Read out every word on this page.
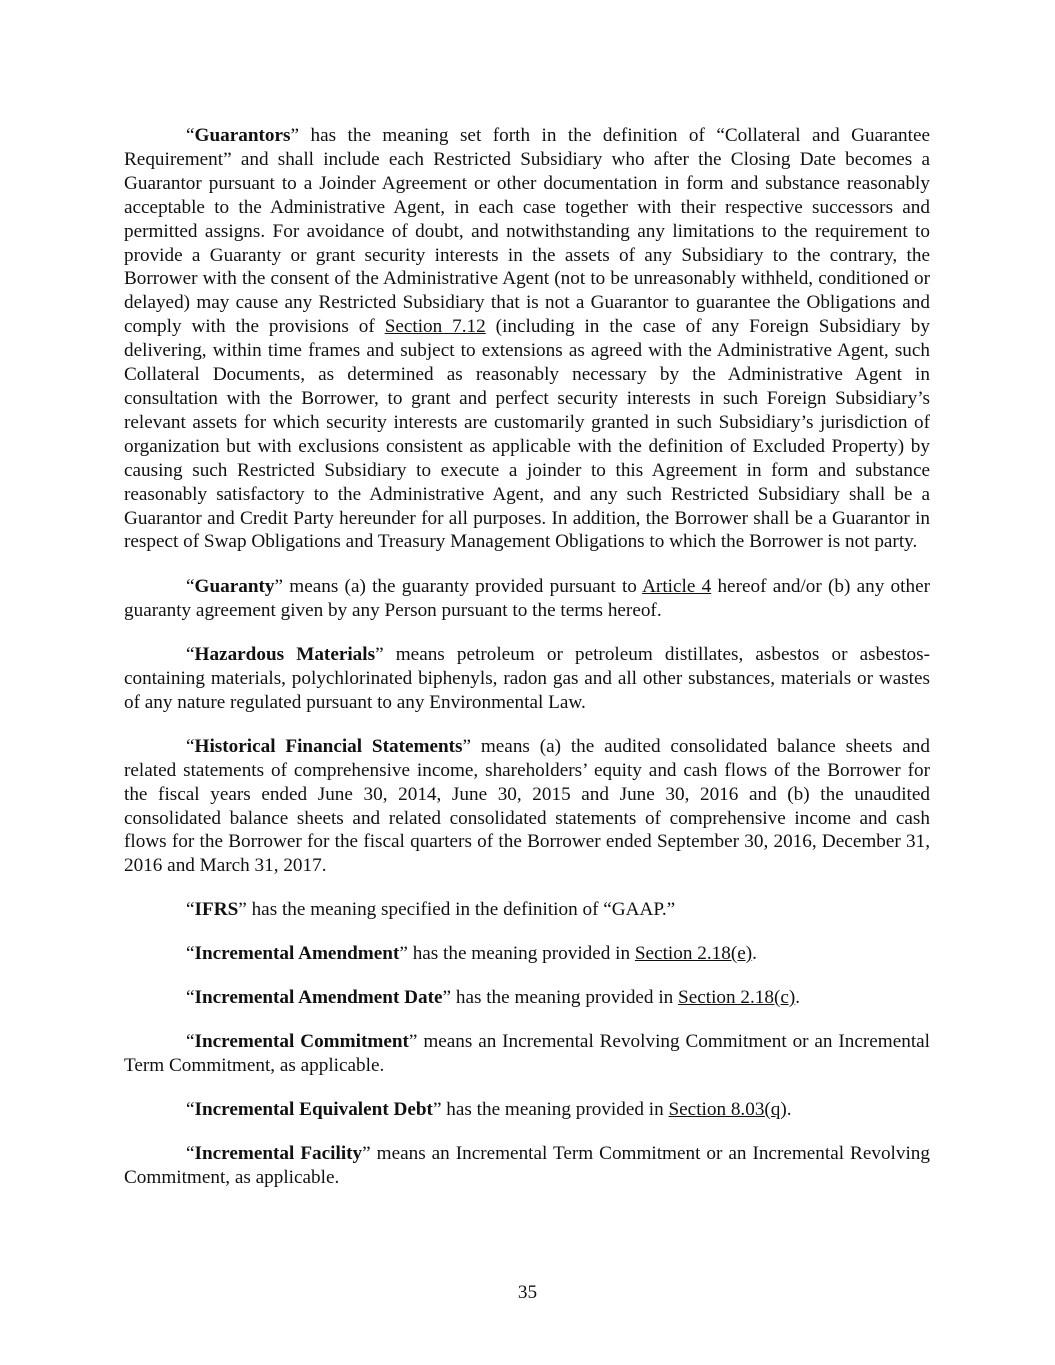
“Guarantors” has the meaning set forth in the definition of “Collateral and Guarantee Requirement” and shall include each Restricted Subsidiary who after the Closing Date becomes a Guarantor pursuant to a Joinder Agreement or other documentation in form and substance reasonably acceptable to the Administrative Agent, in each case together with their respective successors and permitted assigns. For avoidance of doubt, and notwithstanding any limitations to the requirement to provide a Guaranty or grant security interests in the assets of any Subsidiary to the contrary, the Borrower with the consent of the Administrative Agent (not to be unreasonably withheld, conditioned or delayed) may cause any Restricted Subsidiary that is not a Guarantor to guarantee the Obligations and comply with the provisions of Section 7.12 (including in the case of any Foreign Subsidiary by delivering, within time frames and subject to extensions as agreed with the Administrative Agent, such Collateral Documents, as determined as reasonably necessary by the Administrative Agent in consultation with the Borrower, to grant and perfect security interests in such Foreign Subsidiary’s relevant assets for which security interests are customarily granted in such Subsidiary’s jurisdiction of organization but with exclusions consistent as applicable with the definition of Excluded Property) by causing such Restricted Subsidiary to execute a joinder to this Agreement in form and substance reasonably satisfactory to the Administrative Agent, and any such Restricted Subsidiary shall be a Guarantor and Credit Party hereunder for all purposes. In addition, the Borrower shall be a Guarantor in respect of Swap Obligations and Treasury Management Obligations to which the Borrower is not party.

“Guaranty” means (a) the guaranty provided pursuant to Article 4 hereof and/or (b) any other guaranty agreement given by any Person pursuant to the terms hereof.

“Hazardous Materials” means petroleum or petroleum distillates, asbestos or asbestos-containing materials, polychlorinated biphenyls, radon gas and all other substances, materials or wastes of any nature regulated pursuant to any Environmental Law.

“Historical Financial Statements” means (a) the audited consolidated balance sheets and related statements of comprehensive income, shareholders’ equity and cash flows of the Borrower for the fiscal years ended June 30, 2014, June 30, 2015 and June 30, 2016 and (b) the unaudited consolidated balance sheets and related consolidated statements of comprehensive income and cash flows for the Borrower for the fiscal quarters of the Borrower ended September 30, 2016, December 31, 2016 and March 31, 2017.

“IFRS” has the meaning specified in the definition of “GAAP.”

“Incremental Amendment” has the meaning provided in Section 2.18(e).

“Incremental Amendment Date” has the meaning provided in Section 2.18(c).

“Incremental Commitment” means an Incremental Revolving Commitment or an Incremental Term Commitment, as applicable.

“Incremental Equivalent Debt” has the meaning provided in Section 8.03(q).

“Incremental Facility” means an Incremental Term Commitment or an Incremental Revolving Commitment, as applicable.

35
